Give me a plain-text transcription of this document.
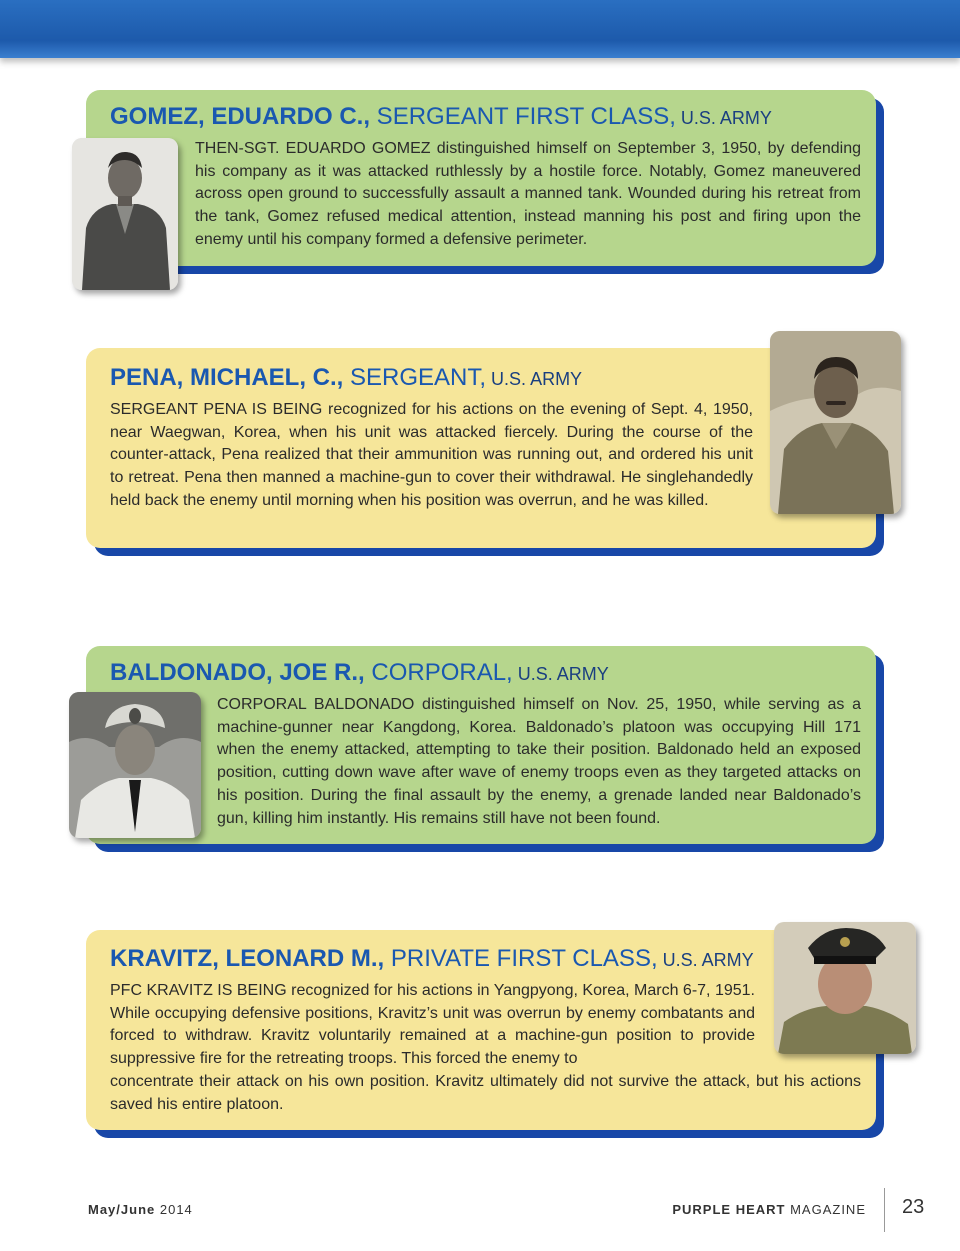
GOMEZ, EDUARDO C., SERGEANT FIRST CLASS, U.S. ARMY
THEN-SGT. EDUARDO GOMEZ distinguished himself on September 3, 1950, by defending his company as it was attacked ruthlessly by a hostile force. Notably, Gomez maneuvered across open ground to successfully assault a manned tank. Wounded during his retreat from the tank, Gomez refused medical attention, instead manning his post and firing upon the enemy until his company formed a defensive perimeter.
PENA, MICHAEL, C., SERGEANT, U.S. ARMY
SERGEANT PENA IS BEING recognized for his actions on the evening of Sept. 4, 1950, near Waegwan, Korea, when his unit was attacked fiercely. During the course of the counter-attack, Pena realized that their ammunition was running out, and ordered his unit to retreat. Pena then manned a machine-gun to cover their withdrawal. He singlehandedly held back the enemy until morning when his position was overrun, and he was killed.
BALDONADO, JOE R., CORPORAL, U.S. ARMY
CORPORAL BALDONADO distinguished himself on Nov. 25, 1950, while serving as a machine-gunner near Kangdong, Korea. Baldonado’s platoon was occupying Hill 171 when the enemy attacked, attempting to take their position. Baldonado held an exposed position, cutting down wave after wave of enemy troops even as they targeted attacks on his position. During the final assault by the enemy, a grenade landed near Baldonado’s gun, killing him instantly. His remains still have not been found.
KRAVITZ, LEONARD M., PRIVATE FIRST CLASS, U.S. ARMY
PFC KRAVITZ IS BEING recognized for his actions in Yangpyong, Korea, March 6-7, 1951. While occupying defensive positions, Kravitz’s unit was overrun by enemy combatants and forced to withdraw. Kravitz voluntarily remained at a machine-gun position to provide suppressive fire for the retreating troops. This forced the enemy to
concentrate their attack on his own position. Kravitz ultimately did not survive the attack, but his actions saved his entire platoon.
May/June 2014	PURPLE HEART MAGAZINE 23
